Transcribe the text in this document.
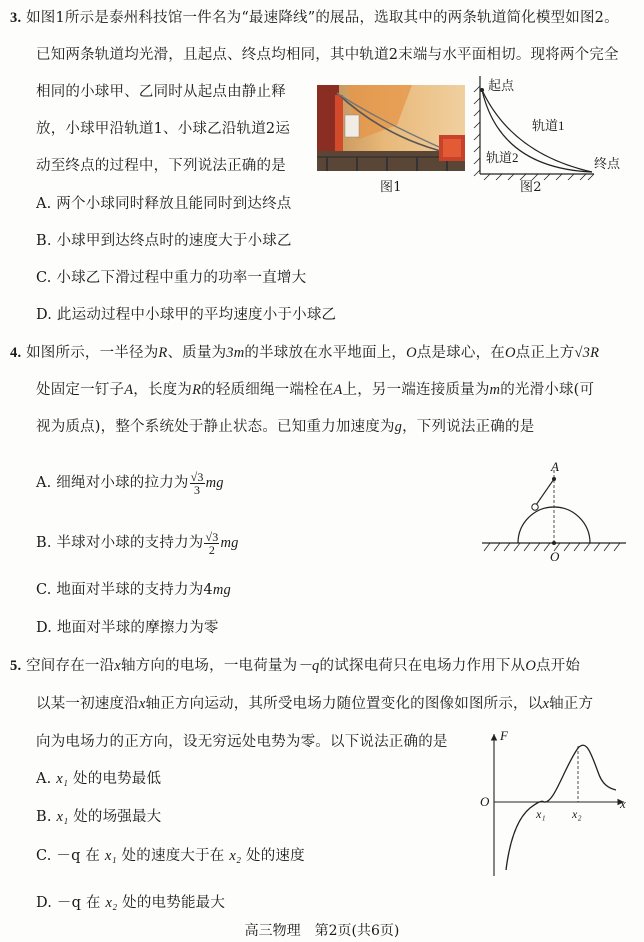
3. 如图1所示是泰州科技馆一件名为“最速降线”的展品，选取其中的两条轨道简化模型如图2。
已知两条轨道均光滑，且起点、终点均相同，其中轨道2末端与水平面相切。现将两个完全
相同的小球甲、乙同时从起点由静止释
放，小球甲沿轨道1、小球乙沿轨道2运
动至终点的过程中，下列说法正确的是
A. 两个小球同时释放且能同时到达终点
B. 小球甲到达终点时的速度大于小球乙
C. 小球乙下滑过程中重力的功率一直增大
D. 此运动过程中小球甲的平均速度小于小球乙
图1
起点
轨道1
轨道2	终点
图2
4. 如图所示，一半径为R、质量为3m的半球放在水平地面上，O点是球心，在O点正上方√3R
处固定一钉子A，长度为R的轻质细绳一端栓在A上，另一端连接质量为m的光滑小球(可
视为质点)，整个系统处于静止状态。已知重力加速度为g，下列说法正确的是
A. 细绳对小球的拉力为 $\frac{√3}{3}$ mg
B. 半球对小球的支持力为 $\frac{√3}{2}$ mg
C. 地面对半球的支持力为4mg
D. 地面对半球的摩擦力为零
A
O
5. 空间存在一沿x轴方向的电场，一电荷量为－q的试探电荷只在电场力作用下从O点开始
以某一初速度沿x轴正方向运动，其所受电场力随位置变化的图像如图所示，以x轴正方
向为电场力的正方向，设无穷远处电势为零。以下说法正确的是
A. x₁ 处的电势最低
B. x₁ 处的场强最大
C. －q 在 x₁ 处的速度大于在 x₂ 处的速度
D. －q 在 x₂ 处的电势能最大
F
O	x
x₁ x₂
高三物理　第2页(共6页)
